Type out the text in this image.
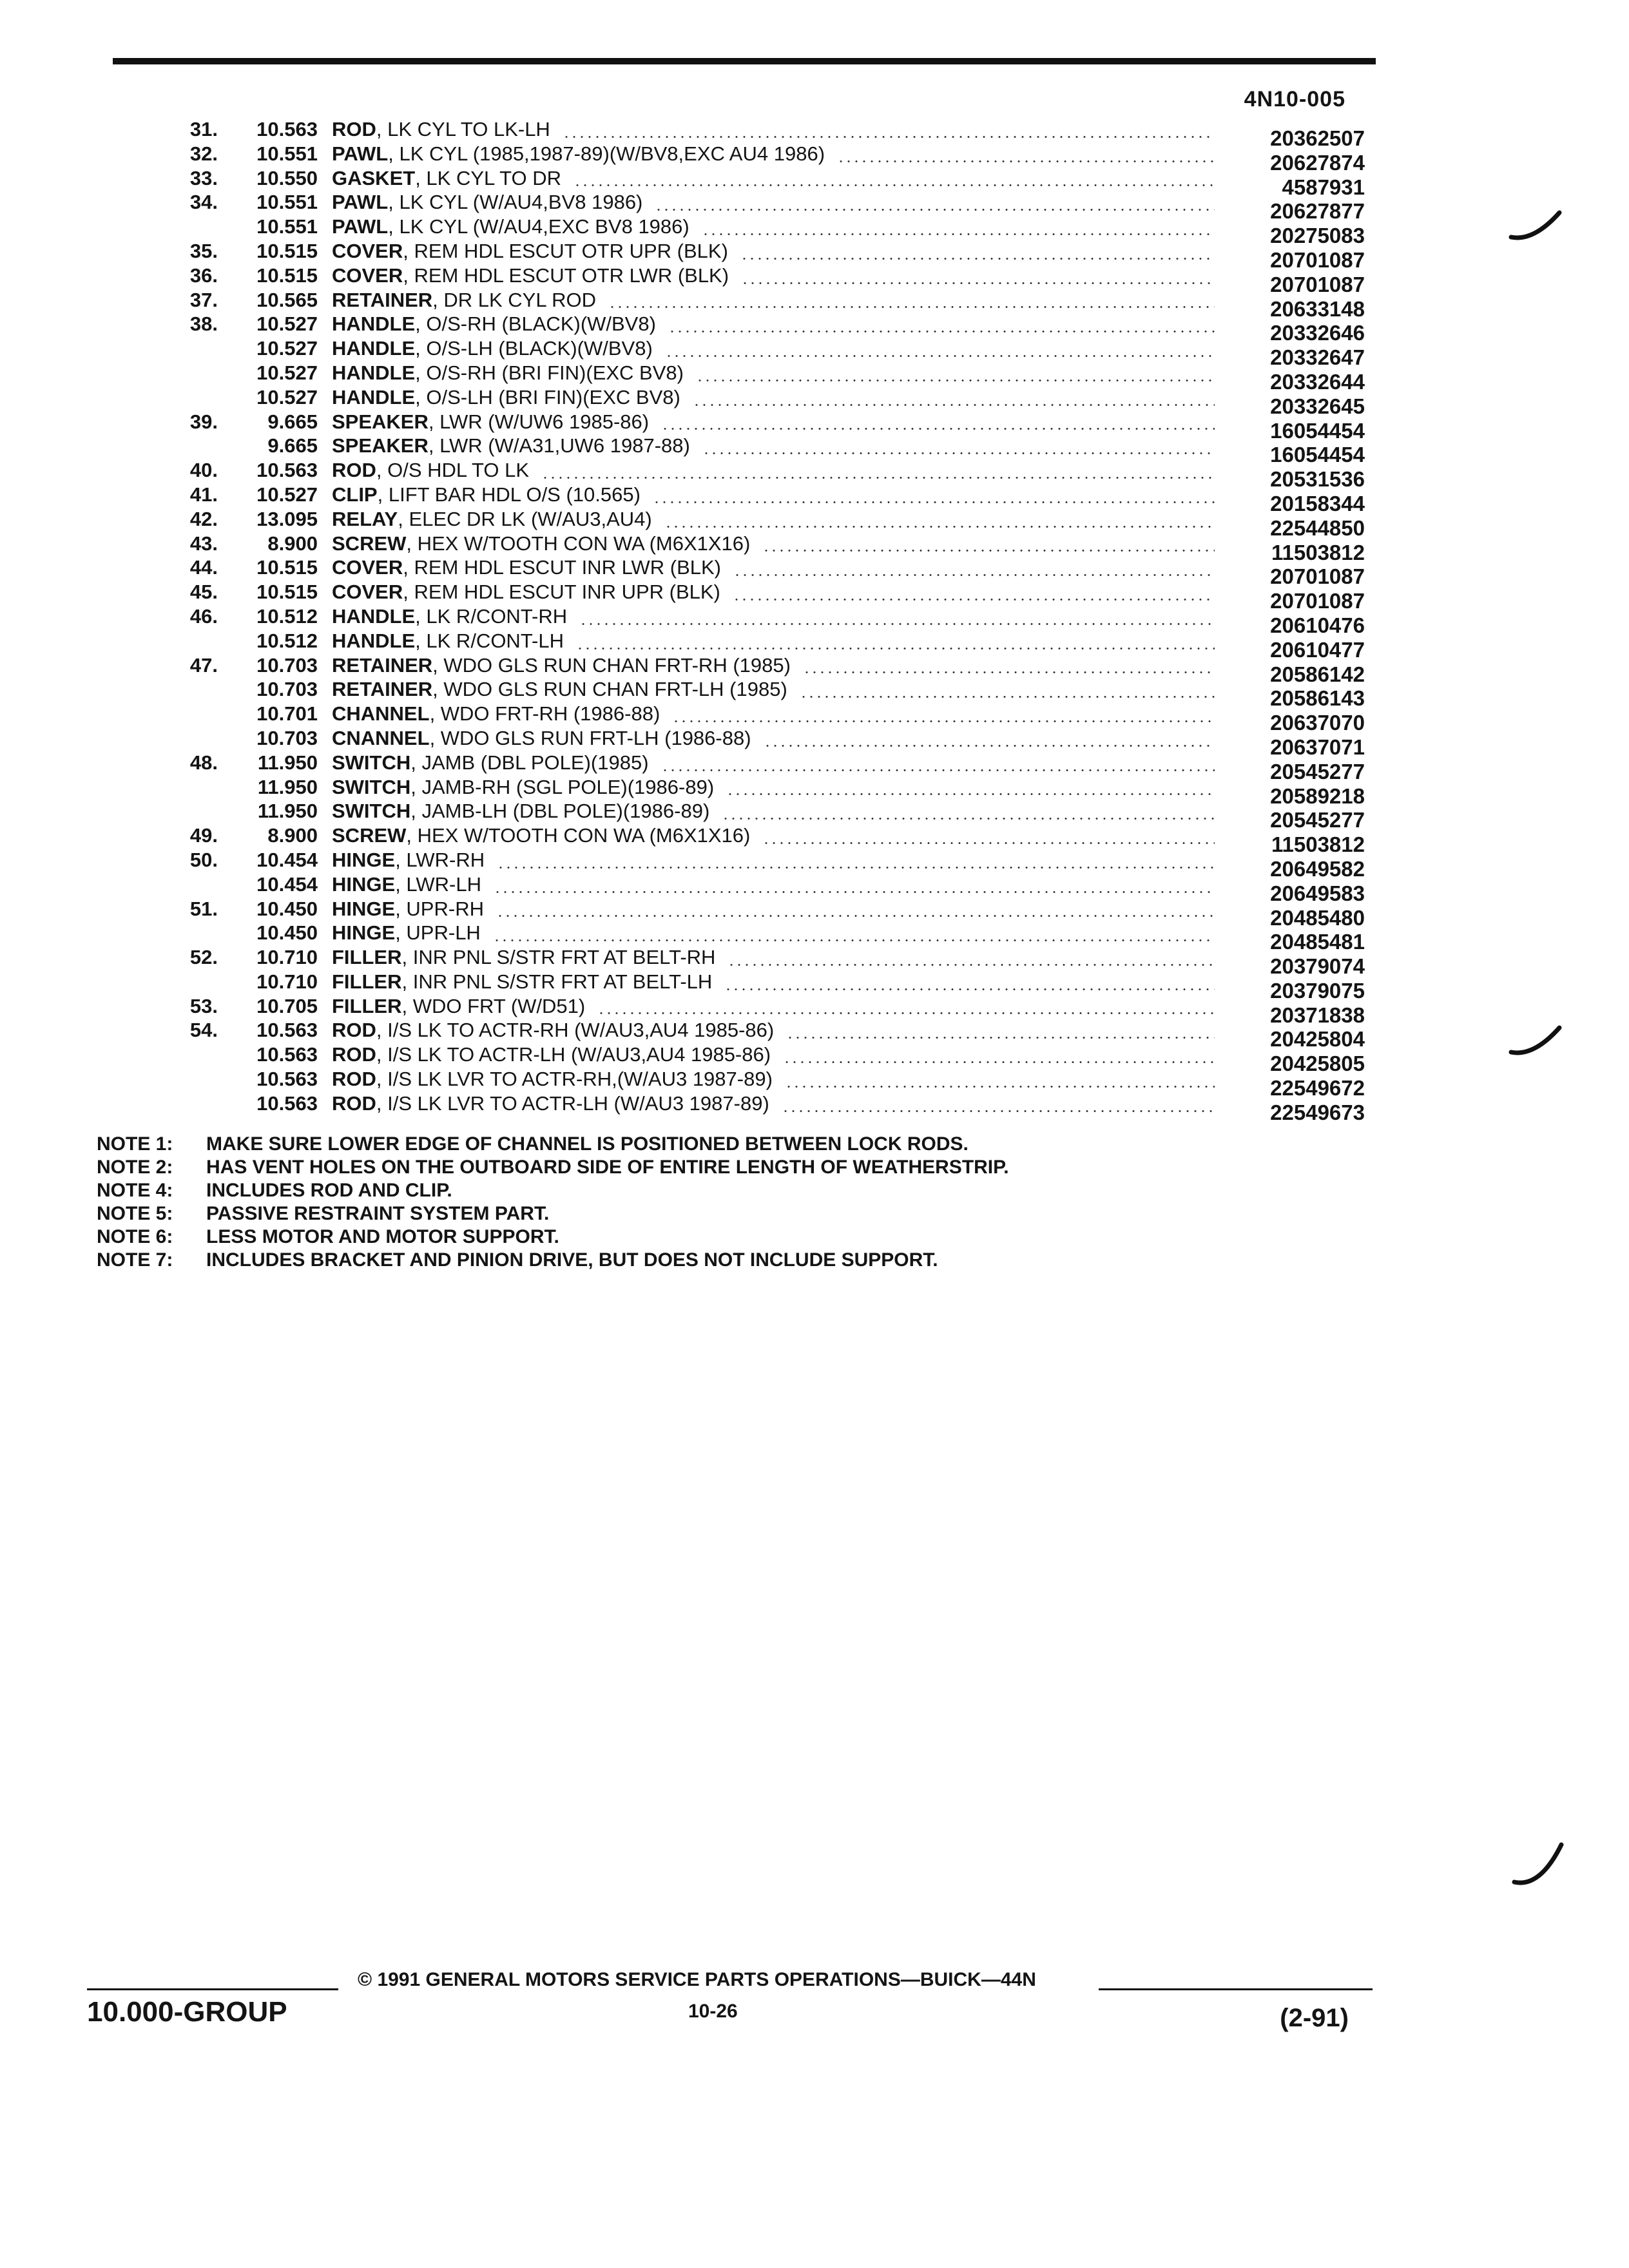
4N10-005
31. 10.563 ROD, LK CYL TO LK-LH	20362507
32. 10.551 PAWL, LK CYL (1985,1987-89)(W/BV8,EXC AU4 1986)	20627874
33. 10.550 GASKET, LK CYL TO DR	4587931
34. 10.551 PAWL, LK CYL (W/AU4,BV8 1986)	20627877
10.551 PAWL, LK CYL (W/AU4,EXC BV8 1986)	20275083
35. 10.515 COVER, REM HDL ESCUT OTR UPR (BLK)	20701087
36. 10.515 COVER, REM HDL ESCUT OTR LWR (BLK)	20701087
37. 10.565 RETAINER, DR LK CYL ROD	20633148
38. 10.527 HANDLE, O/S-RH (BLACK)(W/BV8)	20332646
10.527 HANDLE, O/S-LH (BLACK)(W/BV8)	20332647
10.527 HANDLE, O/S-RH (BRI FIN)(EXC BV8)	20332644
10.527 HANDLE, O/S-LH (BRI FIN)(EXC BV8)	20332645
39. 9.665 SPEAKER, LWR (W/UW6 1985-86)	16054454
9.665 SPEAKER, LWR (W/A31,UW6 1987-88)	16054454
40. 10.563 ROD, O/S HDL TO LK	20531536
41. 10.527 CLIP, LIFT BAR HDL O/S (10.565)	20158344
42. 13.095 RELAY, ELEC DR LK (W/AU3,AU4)	22544850
43. 8.900 SCREW, HEX W/TOOTH CON WA (M6X1X16)	11503812
44. 10.515 COVER, REM HDL ESCUT INR LWR (BLK)	20701087
45. 10.515 COVER, REM HDL ESCUT INR UPR (BLK)	20701087
46. 10.512 HANDLE, LK R/CONT-RH	20610476
10.512 HANDLE, LK R/CONT-LH	20610477
47. 10.703 RETAINER, WDO GLS RUN CHAN FRT-RH (1985)	20586142
10.703 RETAINER, WDO GLS RUN CHAN FRT-LH (1985)	20586143
10.701 CHANNEL, WDO FRT-RH (1986-88)	20637070
10.703 CNANNEL, WDO GLS RUN FRT-LH (1986-88)	20637071
48. 11.950 SWITCH, JAMB (DBL POLE)(1985)	20545277
11.950 SWITCH, JAMB-RH (SGL POLE)(1986-89)	20589218
11.950 SWITCH, JAMB-LH (DBL POLE)(1986-89)	20545277
49. 8.900 SCREW, HEX W/TOOTH CON WA (M6X1X16)	11503812
50. 10.454 HINGE, LWR-RH	20649582
10.454 HINGE, LWR-LH	20649583
51. 10.450 HINGE, UPR-RH	20485480
10.450 HINGE, UPR-LH	20485481
52. 10.710 FILLER, INR PNL S/STR FRT AT BELT-RH	20379074
10.710 FILLER, INR PNL S/STR FRT AT BELT-LH	20379075
53. 10.705 FILLER, WDO FRT (W/D51)	20371838
54. 10.563 ROD, I/S LK TO ACTR-RH (W/AU3,AU4 1985-86)	20425804
10.563 ROD, I/S LK TO ACTR-LH (W/AU3,AU4 1985-86)	20425805
10.563 ROD, I/S LK LVR TO ACTR-RH,(W/AU3 1987-89)	22549672
10.563 ROD, I/S LK LVR TO ACTR-LH (W/AU3 1987-89)	22549673
NOTE 1: MAKE SURE LOWER EDGE OF CHANNEL IS POSITIONED BETWEEN LOCK RODS.
NOTE 2: HAS VENT HOLES ON THE OUTBOARD SIDE OF ENTIRE LENGTH OF WEATHERSTRIP.
NOTE 4: INCLUDES ROD AND CLIP.
NOTE 5: PASSIVE RESTRAINT SYSTEM PART.
NOTE 6: LESS MOTOR AND MOTOR SUPPORT.
NOTE 7: INCLUDES BRACKET AND PINION DRIVE, BUT DOES NOT INCLUDE SUPPORT.
© 1991 GENERAL MOTORS SERVICE PARTS OPERATIONS—BUICK—44N
10.000-GROUP	10-26	(2-91)
